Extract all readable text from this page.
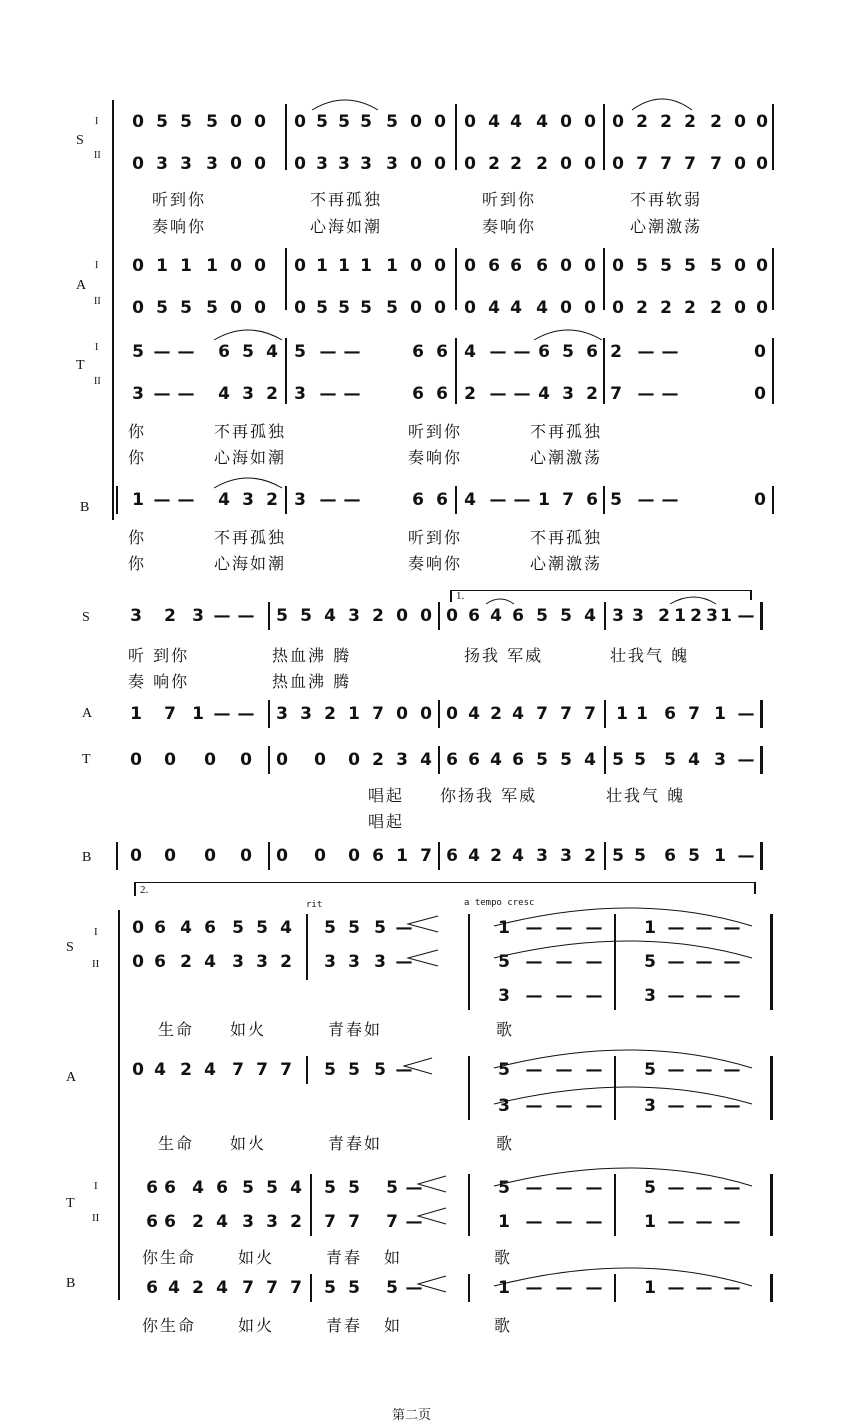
S
I
II
A
I
II
T
I
II
B
0 5 5 5 0 0 0 5 5 5 5 0 0 0 4 4 4 0 0 0 2 2 2 2 0 0
0 3 3 3 0 0 0 3 3 3 3 0 0 0 2 2 2 0 0 0 7 7 7 7 0 0
听到你	不再孤独	听到你	不再软弱
奏响你	心海如潮	奏响你	心潮激荡
0 1 1 1 0 0 0 1 1 1 1 0 0 0 6 6 6 0 0 0 5 5 5 5 0 0
0 5 5 5 0 0 0 5 5 5 5 0 0 0 4 4 4 0 0 0 2 2 2 2 0 0
5 — — 6 5 4 5 — —	6 6 4 — — 6 5 6 2 — —	0
3 — — 4 3 2 3 — —	6 6 2 — — 4 3 2 7 — —	0
你	不再孤独	听到你	不再孤独
你	心海如潮	奏响你	心潮激荡
1 — — 4 3 2 3 — —	6 6 4 — — 1 7 6 5 — —	0
你	不再孤独	听到你	不再孤独
你	心海如潮	奏响你	心潮激荡
S
A
T
B
1.
3 2 3 — — 5 5 4 3 2 0 0 0 6 4 6 5 5 4 3 3 2 1 2 3 1 —
听 到你	热血沸 腾	扬我 军威	壮我气 魄
奏 响你	热血沸 腾
1 7 1 — — 3 3 2 1 7 0 0 0 4 2 4 7 7 7 1 1 6 7 1 —
0 0 0 0 0 0 0 2 3 4 6 6 4 6 5 5 4 5 5 5 4 3 —
唱起 你扬我 军威	壮我气 魄
唱起
0 0 0 0 0 0 0 6 1 7 6 4 2 4 3 3 2 5 5 6 5 1 —
2.
rit	a tempo cresc
S
I
II
A
T
I
II
B
0 6 4 6 5 5 4 5 5 5 —	1 — — — 1 — — —
0 6 2 4 3 3 2 3 3 3 —	5 — — — 5 — — —
3 — — — 3 — — —
生命 如火	青春如	歌
0 4 2 4 7 7 7 5 5 5 —	5 — — — 5 — — —
3 — — — 3 — — —
生命 如火	青春如	歌
6 6 4 6 5 5 4 5 5 5 —	5 — — — 5 — — —
6 6 2 4 3 3 2 7 7 7 —	1 — — — 1 — — —
你生命	如火	青春 如	歌
6 4 2 4 7 7 7 5 5 5 —	1 — — — 1 — — —
你生命	如火	青春 如	歌
第二页
